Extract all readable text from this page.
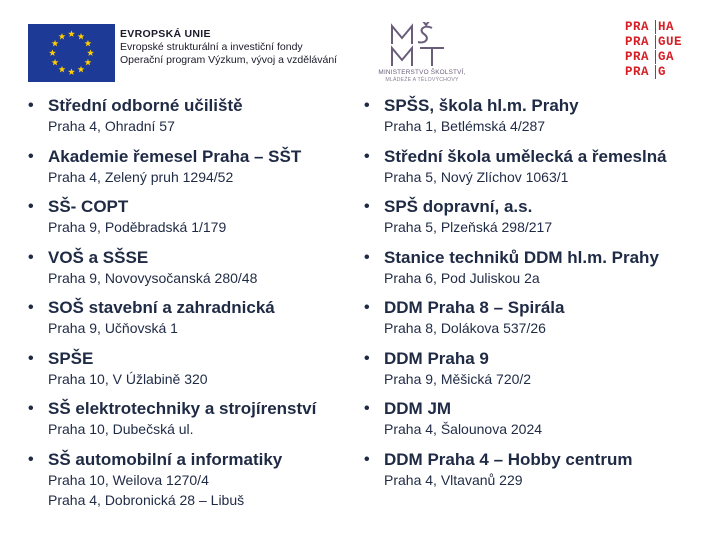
EVROPSKÁ UNIE
Evropské strukturální a investiční fondy
Operační program Výzkum, vývoj a vzdělávání
MINISTERSTVO ŠKOLSTVÍ,
MLÁDEŽE A TĚLOVÝCHOVY
PRA HA
PRA GUE
PRA GA
PRA G
• Střední odborné učiliště
Praha 4, Ohradní 57
• Akademie řemesel Praha – SŠT
Praha 4, Zelený pruh 1294/52
• SŠ- COPT
Praha 9, Poděbradská 1/179
• VOŠ a SŠSE
Praha 9, Novovysočanská 280/48
• SOŠ stavební a zahradnická
Praha 9, Učňovská 1
• SPŠE
Praha 10, V Úžlabině 320
• SŠ elektrotechniky a strojírenství
Praha 10, Dubečská ul.
• SŠ automobilní a informatiky
Praha 10, Weilova 1270/4
Praha 4, Dobronická 28 – Libuš
• SPŠS, škola hl.m. Prahy
Praha 1, Betlémská 4/287
• Střední škola umělecká a řemeslná
Praha 5, Nový Zlíchov 1063/1
• SPŠ dopravní, a.s.
Praha 5, Plzeňská 298/217
• Stanice techniků DDM hl.m. Prahy
Praha 6, Pod Juliskou 2a
• DDM Praha 8 – Spirála
Praha 8, Dolákova 537/26
• DDM Praha 9
Praha 9, Měšická 720/2
• DDM JM
Praha 4, Šalounova 2024
• DDM Praha 4 – Hobby centrum
Praha 4, Vltavanů 229
